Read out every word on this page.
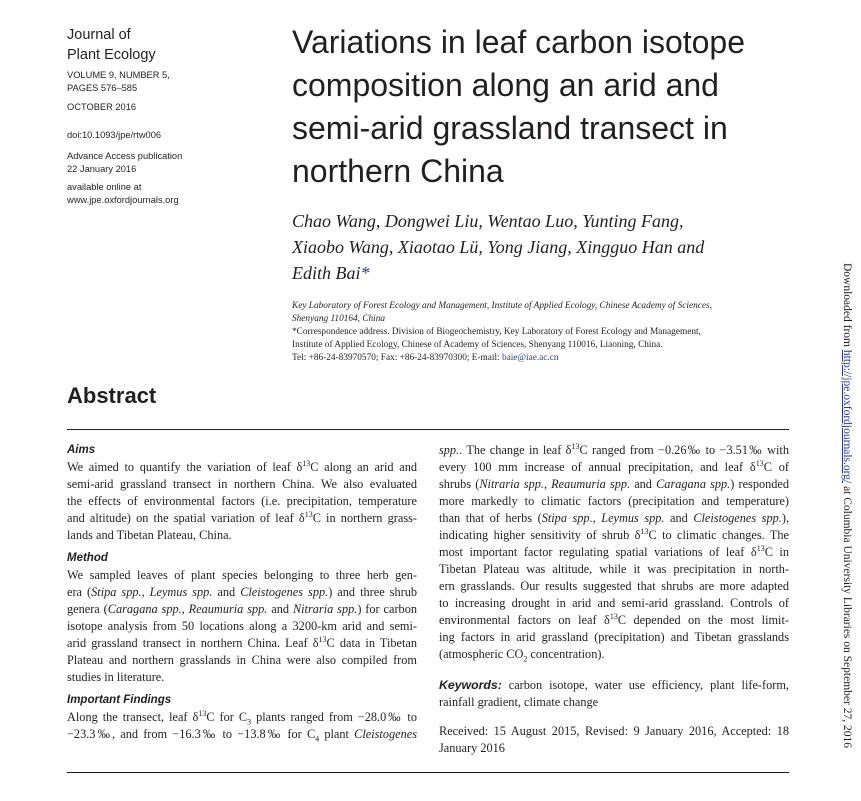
Journal of
Plant Ecology
VOLUME 9, NUMBER 5,
PAGES 576–585
OCTOBER 2016
doi:10.1093/jpe/rtw006
Advance Access publication
22 January 2016
available online at
www.jpe.oxfordjournals.org
Variations in leaf carbon isotope
composition along an arid and
semi-arid grassland transect in
northern China
Chao Wang, Dongwei Liu, Wentao Luo, Yunting Fang,
Xiaobo Wang, Xiaotao Lü, Yong Jiang, Xingguo Han and
Edith Bai*
Key Laboratory of Forest Ecology and Management, Institute of Applied Ecology, Chinese Academy of Sciences,
Shenyang 110164, China
*Correspondence address. Division of Biogeochemistry, Key Laboratory of Forest Ecology and Management,
Institute of Applied Ecology, Chinese of Academy of Sciences, Shenyang 110016, Liaoning, China.
Tel: +86-24-83970570; Fax: +86-24-83970300; E-mail: baie@iae.ac.cn
Abstract
Aims
We aimed to quantify the variation of leaf $\delta^{13}C$ along an arid and
semi-arid grassland transect in northern China. We also evaluated
the effects of environmental factors (i.e. precipitation, temperature
and altitude) on the spatial variation of leaf $\delta^{13}C$ in northern grass-
lands and Tibetan Plateau, China.
Method
We sampled leaves of plant species belonging to three herb gen-
era (Stipa spp., Leymus spp. and Cleistogenes spp.) and three shrub
genera (Caragana spp., Reaumuria spp. and Nitraria spp.) for carbon
isotope analysis from 50 locations along a 3200-km arid and semi-
arid grassland transect in northern China. Leaf $\delta^{13}C$ data in Tibetan
Plateau and northern grasslands in China were also compiled from
studies in literature.
Important Findings
Along the transect, leaf $\delta^{13}C$ for $C_3$ plants ranged from −28.0‰ to
−23.3‰, and from −16.3‰ to −13.8‰ for $C_4$ plant Cleistogenes
spp.. The change in leaf $\delta^{13}C$ ranged from −0.26‰ to −3.51‰ with
every 100 mm increase of annual precipitation, and leaf $\delta^{13}C$ of
shrubs (Nitraria spp., Reaumuria spp. and Caragana spp.) responded
more markedly to climatic factors (precipitation and temperature)
than that of herbs (Stipa spp., Leymus spp. and Cleistogenes spp.),
indicating higher sensitivity of shrub $\delta^{13}C$ to climatic changes. The
most important factor regulating spatial variations of leaf $\delta^{13}C$ in
Tibetan Plateau was altitude, while it was precipitation in north-
ern grasslands. Our results suggested that shrubs are more adapted
to increasing drought in arid and semi-arid grassland. Controls of
environmental factors on leaf $\delta^{13}C$ depended on the most limit-
ing factors in arid grassland (precipitation) and Tibetan grasslands
(atmospheric $CO_2$ concentration).
Keywords: carbon isotope, water use efficiency, plant life-form,
rainfall gradient, climate change
Received: 15 August 2015, Revised: 9 January 2016, Accepted: 18
January 2016
Downloaded from http://jpe.oxfordjournals.org/ at Columbia University Libraries on September 27, 2016
